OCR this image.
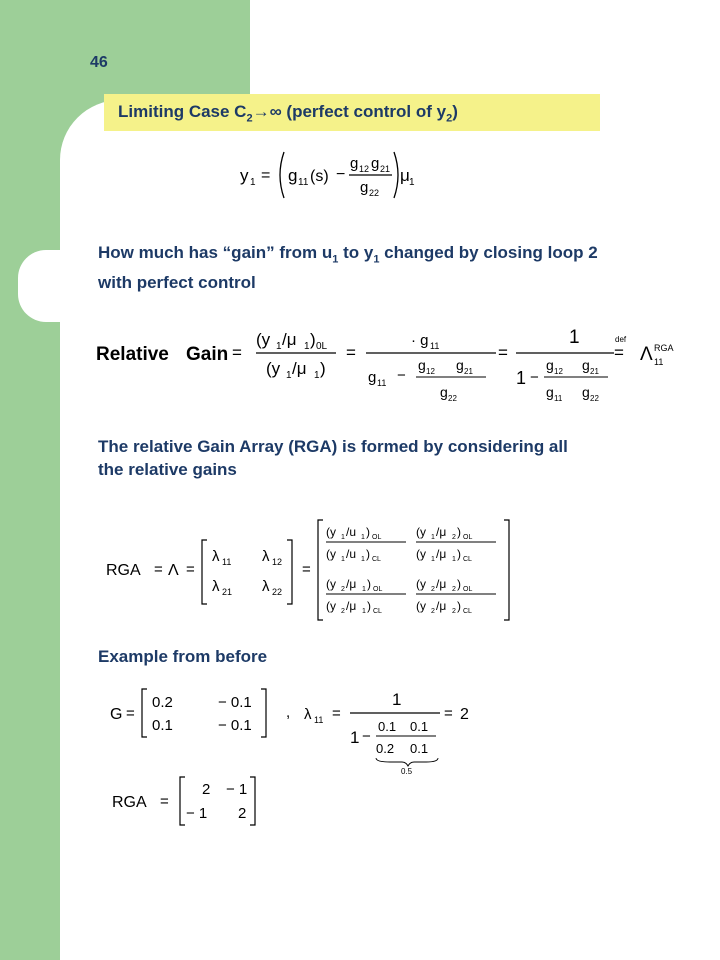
46
Limiting Case $C_2\to\infty$ (perfect control of $y_2$)
y 1 = g 11 (s) −
g 12 g 21
g 22
μ 1
How much has “gain” from $u_1$ to $y_1$ changed by closing loop 2 with perfect control
Relative Gain =
(y 1 /μ 1 ) 0L
(y 1 /μ 1 )
=
· g 11
g 11 −
g 12 g 21
g 22
=
1
1 −
g 12 g 21
g 11 g 22
def
= Λ RGA
11
The relative Gain Array (RGA) is formed by considering all the relative gains
RGA = Λ =
λ 11 λ 12
λ 21 λ 22
=
(y 1 /u 1 ) OL
(y 1 /u 1 ) CL
(y 1 /μ 2 ) OL
(y 1 /μ 1 ) CL
(y 2 /μ 1 ) OL
(y 2 /μ 1 ) CL
(y 2 /μ 2 ) OL
(y 2 /μ 2 ) CL
Example from before
G =
0.2	− 0.1
0.1	− 0.1
, λ 11 =
1
1 −
0.1 0.1
0.2 0.1
0.5
= 2
RGA =
2 − 1
− 1 2
